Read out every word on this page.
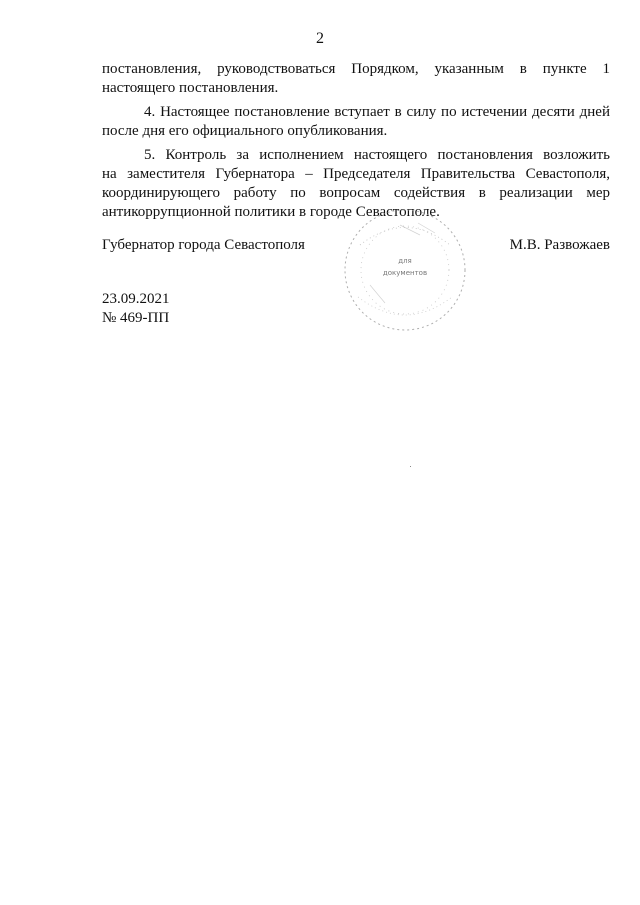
2
постановления, руководствоваться Порядком, указанным в пункте 1
настоящего постановления.
4. Настоящее постановление вступает в силу по истечении десяти дней
после дня его официального опубликования.
5. Контроль за исполнением настоящего постановления возложить
на заместителя Губернатора – Председателя Правительства Севастополя,
координирующего работу по вопросам содействия в реализации мер
антикоррупционной политики в городе Севастополе.
для
документов
Губернатор города Севастополя	М.В. Развожаев
23.09.2021
№ 469-ПП
